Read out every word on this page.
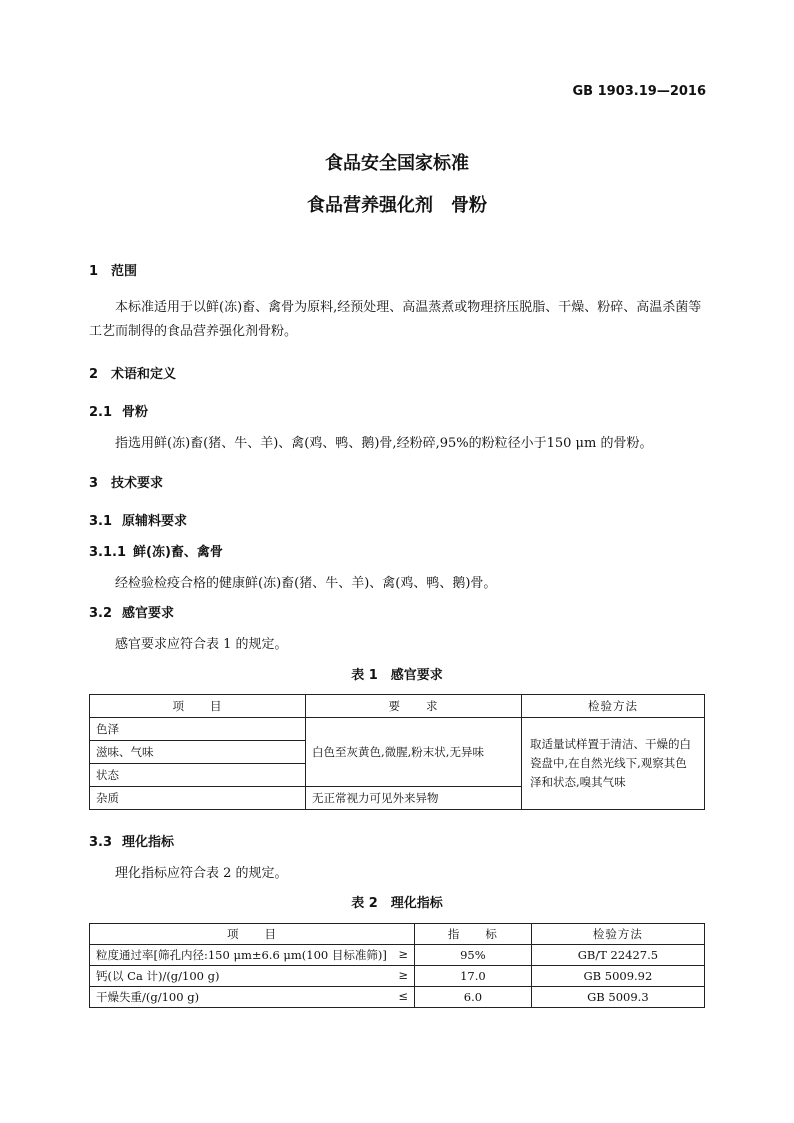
GB 1903.19—2016
食品安全国家标准
食品营养强化剂　骨粉
1 范围
本标准适用于以鲜(冻)畜、禽骨为原料,经预处理、高温蒸煮或物理挤压脱脂、干燥、粉碎、高温杀菌等工艺而制得的食品营养强化剂骨粉。
2 术语和定义
2.1 骨粉
指选用鲜(冻)畜(猪、牛、羊)、禽(鸡、鸭、鹅)骨,经粉碎,95%的粉粒径小于150 μm 的骨粉。
3 技术要求
3.1 原辅料要求
3.1.1 鲜(冻)畜、禽骨
经检验检疫合格的健康鲜(冻)畜(猪、牛、羊)、禽(鸡、鸭、鹅)骨。
3.2 感官要求
感官要求应符合表 1 的规定。
表 1　感官要求
项　　目	要　　求	检验方法
色泽	白色至灰黄色,微腥,粉末状,无异味	取适量试样置于清洁、干燥的白瓷盘中,在自然光线下,观察其色泽和状态,嗅其气味
滋味、气味		
状态		
杂质	无正常视力可见外来异物	
3.3 理化指标
理化指标应符合表 2 的规定。
表 2　理化指标
项　　目	指　　标	检验方法
粒度通过率[筛孔内径:150 μm±6.6 μm(100 目标准筛)] ≥	95%	GB/T 22427.5
钙(以 Ca 计)/(g/100 g) ≥	17.0	GB 5009.92
干燥失重/(g/100 g) ≤	6.0	GB 5009.3
